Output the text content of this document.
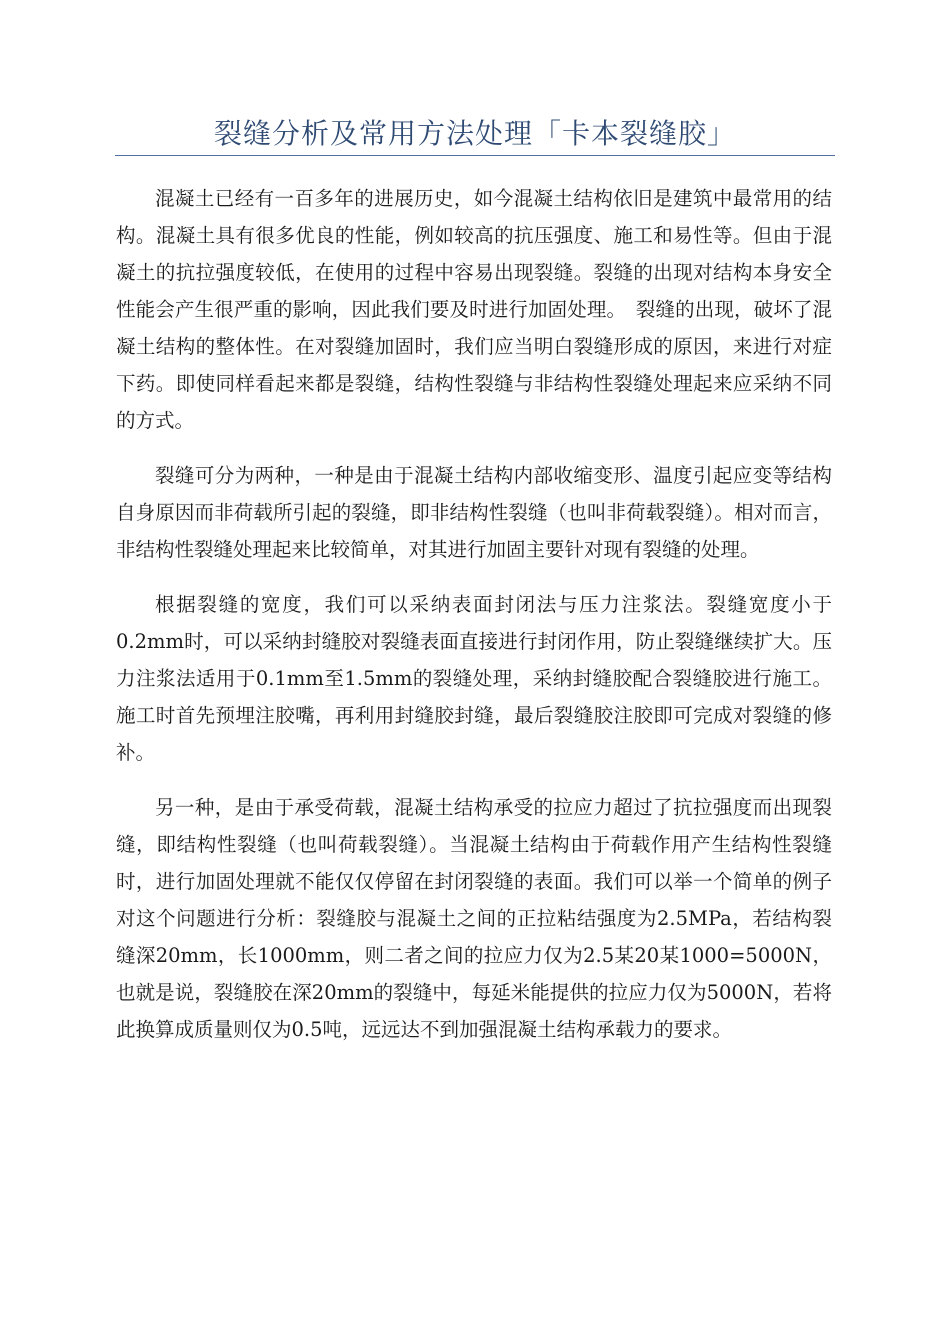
裂缝分析及常用方法处理「卡本裂缝胶」

混凝土已经有一百多年的进展历史，如今混凝土结构依旧是建筑中最常用的结构。混凝土具有很多优良的性能，例如较高的抗压强度、施工和易性等。但由于混凝土的抗拉强度较低，在使用的过程中容易出现裂缝。裂缝的出现对结构本身安全性能会产生很严重的影响，因此我们要及时进行加固处理。　裂缝的出现，破坏了混凝土结构的整体性。在对裂缝加固时，我们应当明白裂缝形成的原因，来进行对症下药。即使同样看起来都是裂缝，结构性裂缝与非结构性裂缝处理起来应采纳不同的方式。

裂缝可分为两种，一种是由于混凝土结构内部收缩变形、温度引起应变等结构自身原因而非荷载所引起的裂缝，即非结构性裂缝（也叫非荷载裂缝）。相对而言，非结构性裂缝处理起来比较简单，对其进行加固主要针对现有裂缝的处理。

根据裂缝的宽度，我们可以采纳表面封闭法与压力注浆法。裂缝宽度小于0.2mm时，可以采纳封缝胶对裂缝表面直接进行封闭作用，防止裂缝继续扩大。压力注浆法适用于0.1mm至1.5mm的裂缝处理，采纳封缝胶配合裂缝胶进行施工。施工时首先预埋注胶嘴，再利用封缝胶封缝，最后裂缝胶注胶即可完成对裂缝的修补。

另一种，是由于承受荷载，混凝土结构承受的拉应力超过了抗拉强度而出现裂缝，即结构性裂缝（也叫荷载裂缝）。当混凝土结构由于荷载作用产生结构性裂缝时，进行加固处理就不能仅仅停留在封闭裂缝的表面。我们可以举一个简单的例子对这个问题进行分析：裂缝胶与混凝土之间的正拉粘结强度为2.5MPa，若结构裂缝深20mm，长1000mm，则二者之间的拉应力仅为2.5某20某1000=5000N，也就是说，裂缝胶在深20mm的裂缝中，每延米能提供的拉应力仅为5000N，若将此换算成质量则仅为0.5吨，远远达不到加强混凝土结构承载力的要求。
